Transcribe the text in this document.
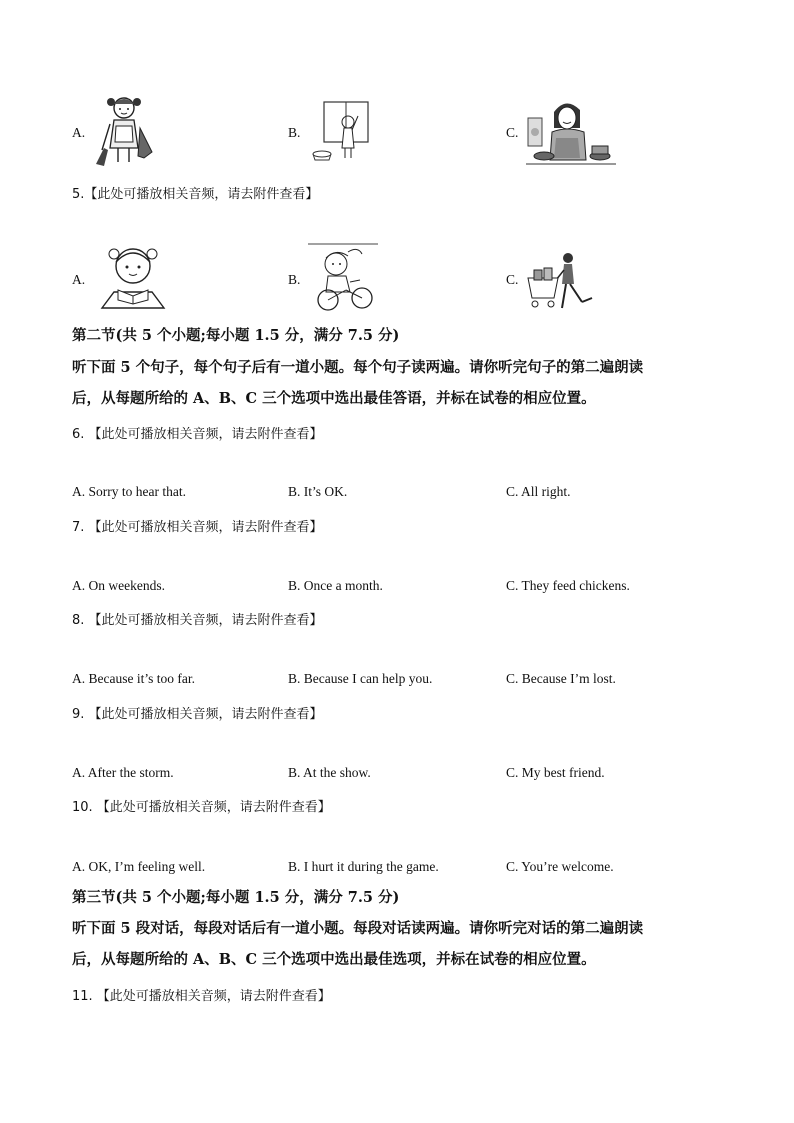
A.	B.	C.
5.【此处可播放相关音频，请去附件查看】
A.	B.	C.
第二节(共 5 个小题;每小题 1.5 分，满分 7.5 分)
听下面 5 个句子，每个句子后有一道小题。每个句子读两遍。请你听完句子的第二遍朗读
后，从每题所给的 A、B、C 三个选项中选出最佳答语，并标在试卷的相应位置。
6. 【此处可播放相关音频，请去附件查看】
A. Sorry to hear that.	B. It’s OK.	C. All right.
7. 【此处可播放相关音频，请去附件查看】
A. On weekends.	B. Once a month.	C. They feed chickens.
8. 【此处可播放相关音频，请去附件查看】
A. Because it’s too far.	B. Because I can help you.	C. Because I’m lost.
9. 【此处可播放相关音频，请去附件查看】
A. After the storm.	B. At the show.	C. My best friend.
10. 【此处可播放相关音频，请去附件查看】
A. OK, I’m feeling well.	B. I hurt it during the game.	C. You’re welcome.
第三节(共 5 个小题;每小题 1.5 分，满分 7.5 分)
听下面 5 段对话，每段对话后有一道小题。每段对话读两遍。请你听完对话的第二遍朗读
后，从每题所给的 A、B、C 三个选项中选出最佳选项，并标在试卷的相应位置。
11. 【此处可播放相关音频，请去附件查看】
